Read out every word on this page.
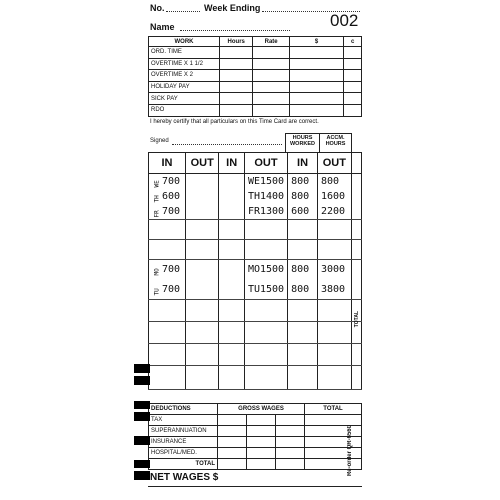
No.	Week Ending
Name	002
WORK	Hours	Rate	$	c
ORD. TIME				
OVERTIME X 1 1/2				
OVERTIME X 2				
HOLIDAY PAY				
SICK PAY				
RDO				
I hereby certify that all particulars on this Time Card are correct.
Signed	HOURS WORKED
ACCM. HOURS
IN	OUT	IN	OUT	IN	OUT	TOTAL

WE 700			WE1500	800	800	
TH 600			TH1400	800	1600	
FR 700			FR1300	600	2200	

MO 700			MO1500	800	3000	
TU 700			TU1500	800	3800	

DEDUCTIONS	GROSS WAGES			TOTAL
TAX				
SUPERANNUATION				
INSURANCE				
HOSPITAL/MED.				
TOTAL				
NET WAGES $
Re-order QR-6560
